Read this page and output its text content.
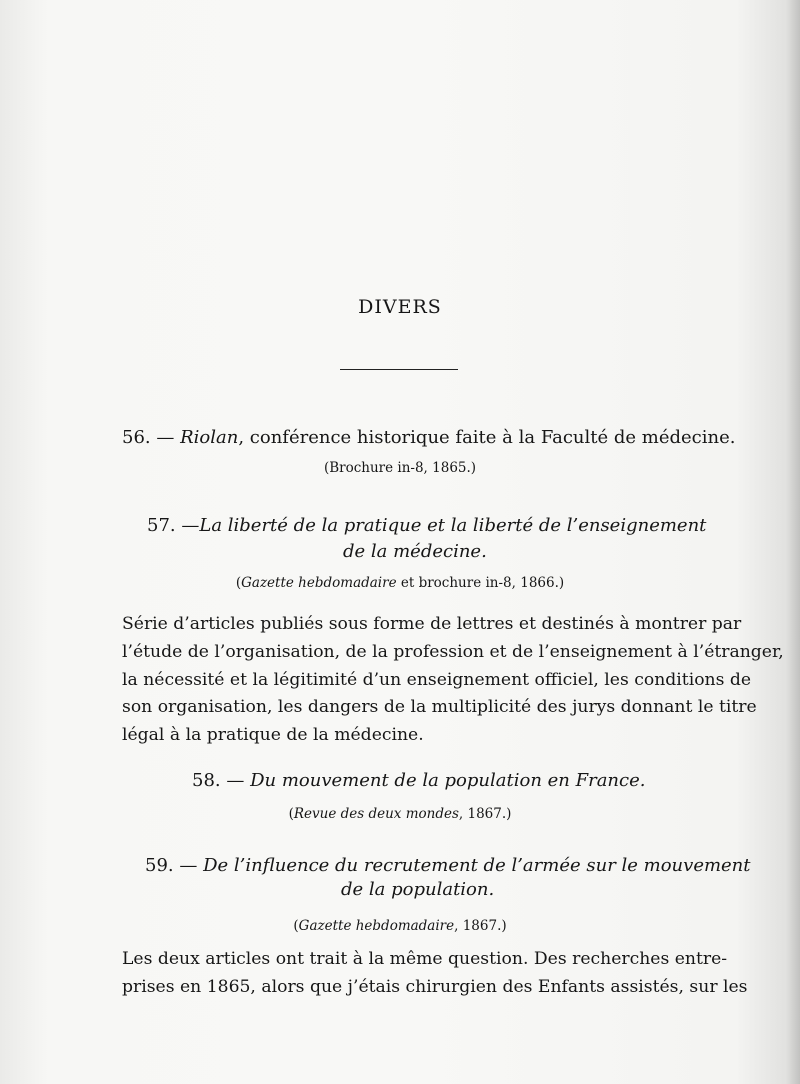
DIVERS
56. — Riolan, conférence historique faite à la Faculté de médecine.
(Brochure in-8, 1865.)
57. —La liberté de la pratique et la liberté de l’enseignement
de la médecine.
(Gazette hebdomadaire et brochure in-8, 1866.)
Série d’articles publiés sous forme de lettres et destinés à montrer par
l’étude de l’organisation, de la profession et de l’enseignement à l’étranger,
la nécessité et la légitimité d’un enseignement officiel, les conditions de
son organisation, les dangers de la multiplicité des jurys donnant le titre
légal à la pratique de la médecine.
58. — Du mouvement de la population en France.
(Revue des deux mondes, 1867.)
59. — De l’influence du recrutement de l’armée sur le mouvement
de la population.
(Gazette hebdomadaire, 1867.)
Les deux articles ont trait à la même question. Des recherches entre-
prises en 1865, alors que j’étais chirurgien des Enfants assistés, sur les
